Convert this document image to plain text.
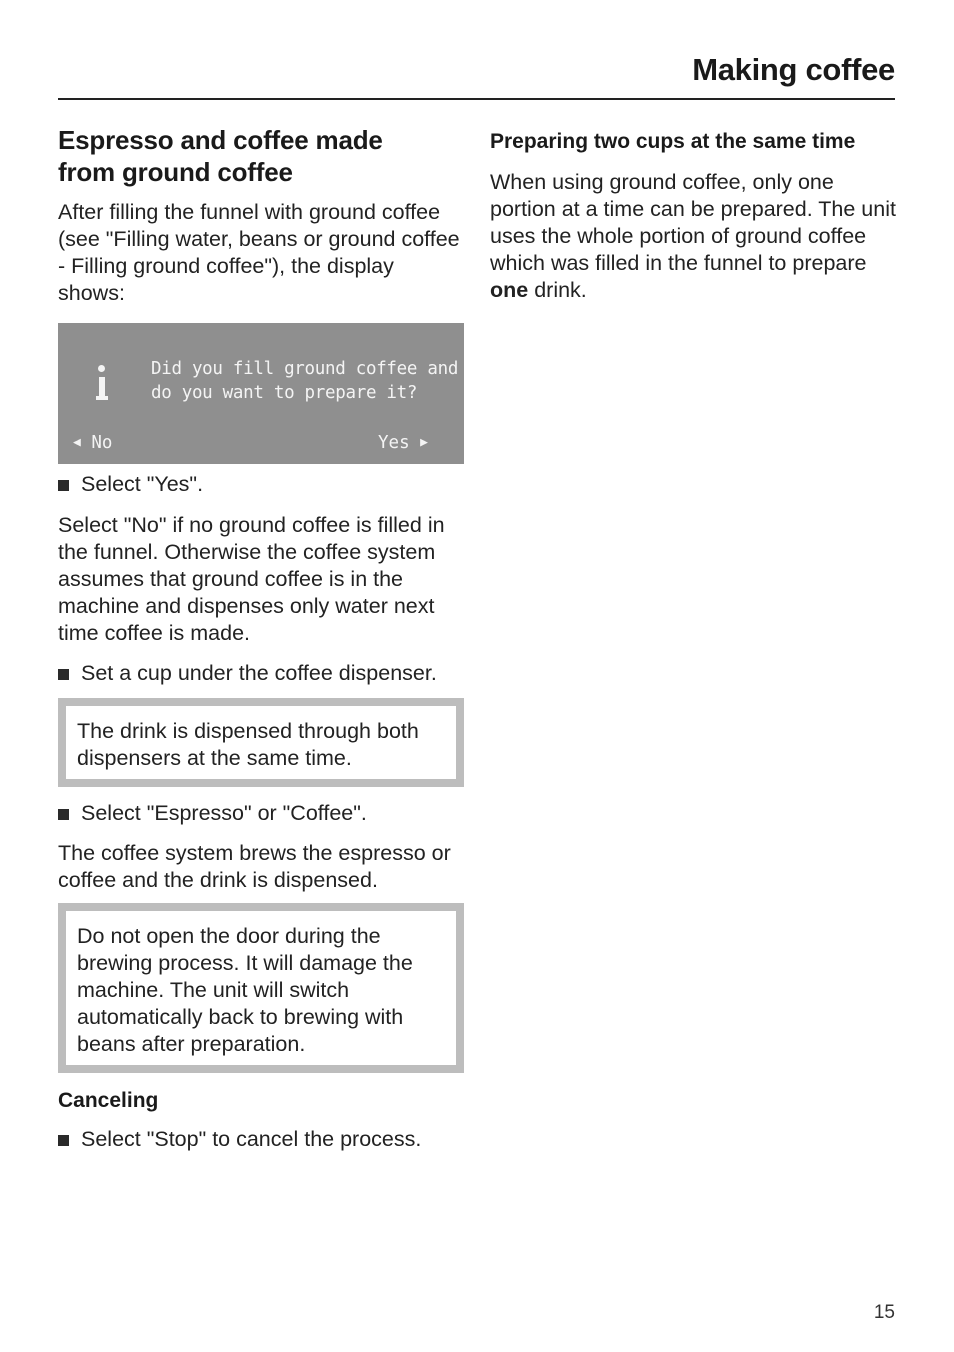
Making coffee
Espresso and coffee made
from ground coffee

After filling the funnel with ground coffee (see "Filling water, beans or ground coffee - Filling ground coffee"), the display shows:

Did you fill ground coffee and
do you want to prepare it?
◀ No	Yes ▶
Select "Yes".

Select "No" if no ground coffee is filled in the funnel. Otherwise the coffee system assumes that ground coffee is in the machine and dispenses only water next time coffee is made.

Set a cup under the coffee dispenser.
The drink is dispensed through both dispensers at the same time.
Select "Espresso" or "Coffee".

The coffee system brews the espresso or coffee and the drink is dispensed.

Do not open the door during the brewing process. It will damage the machine. The unit will switch automatically back to brewing with beans after preparation.
Canceling
Select "Stop" to cancel the process.
Preparing two cups at the same time

When using ground coffee, only one portion at a time can be prepared. The unit uses the whole portion of ground coffee which was filled in the funnel to prepare one drink.

15
